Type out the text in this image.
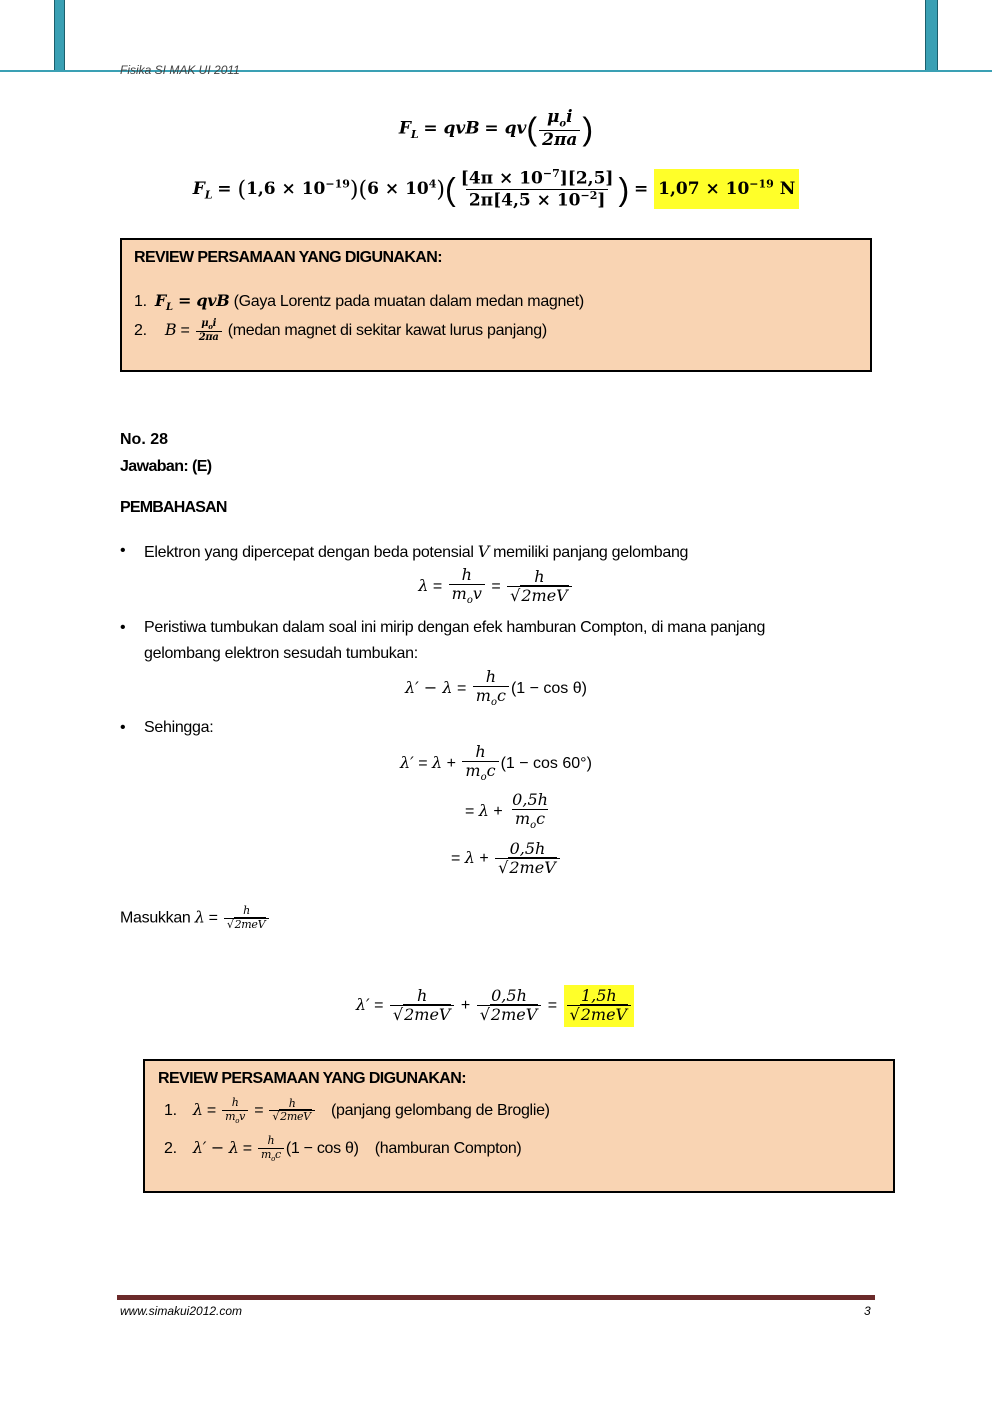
Fisika SI MAK UI 2011
$F_L$ = qvB = $qv( \frac{\mu_oi}{2\pi a}$ )
$F_L = (1,6 \times 10^{-19})(6 \times 10^4)( \frac{[4\pi \times 10^{-7}][2,5]}{2\pi[4,5 \times 10^{-2}]}$ ) = $1,07 \times 10^{-19}$ N
REVIEW PERSAMAAN YANG DIGUNAKAN:
1. $F_L$ = qvB (Gaya Lorentz pada muatan dalam medan magnet)
2. $B = \frac{\mu_oi}{2\pi a}$ (medan magnet di sekitar kawat lurus panjang)
No. 28
Jawaban: (E)
PEMBAHASAN
• Elektron yang dipercepat dengan beda potensial V memiliki panjang gelombang
$\lambda = \frac{h}{m_ov} = \frac{h}{\text{√2meV}}$
• Peristiwa tumbukan dalam soal ini mirip dengan efek hamburan Compton, di mana panjang
gelombang elektron sesudah tumbukan:
$\lambda' - \lambda = \frac{h}{m_oc} (1 - \cos \theta)$
• Sehingga:
$\lambda' = \lambda + \frac{h}{m_oc} (1 - \cos 60^\circ)$
= $\lambda + \frac{0,5h}{m_oc}$
= $\lambda + \frac{0,5h}{\text{√2meV}}$
Masukkan $\lambda = \frac{h}{\text{√2meV}}$
$\lambda' = \frac{h}{\text{√2meV}} + \frac{0,5h}{\text{√2meV}} = \frac{1,5h}{\text{√2meV}}$
REVIEW PERSAMAAN YANG DIGUNAKAN:
1. $\lambda = \frac{h}{m_ov} = \frac{h}{\text{√2meV}}$ (panjang gelombang de Broglie)
2. $\lambda' - \lambda = \frac{h}{m_oc} (1 - \cos \theta)$ (hamburan Compton)
www.simakui2012.com	3
